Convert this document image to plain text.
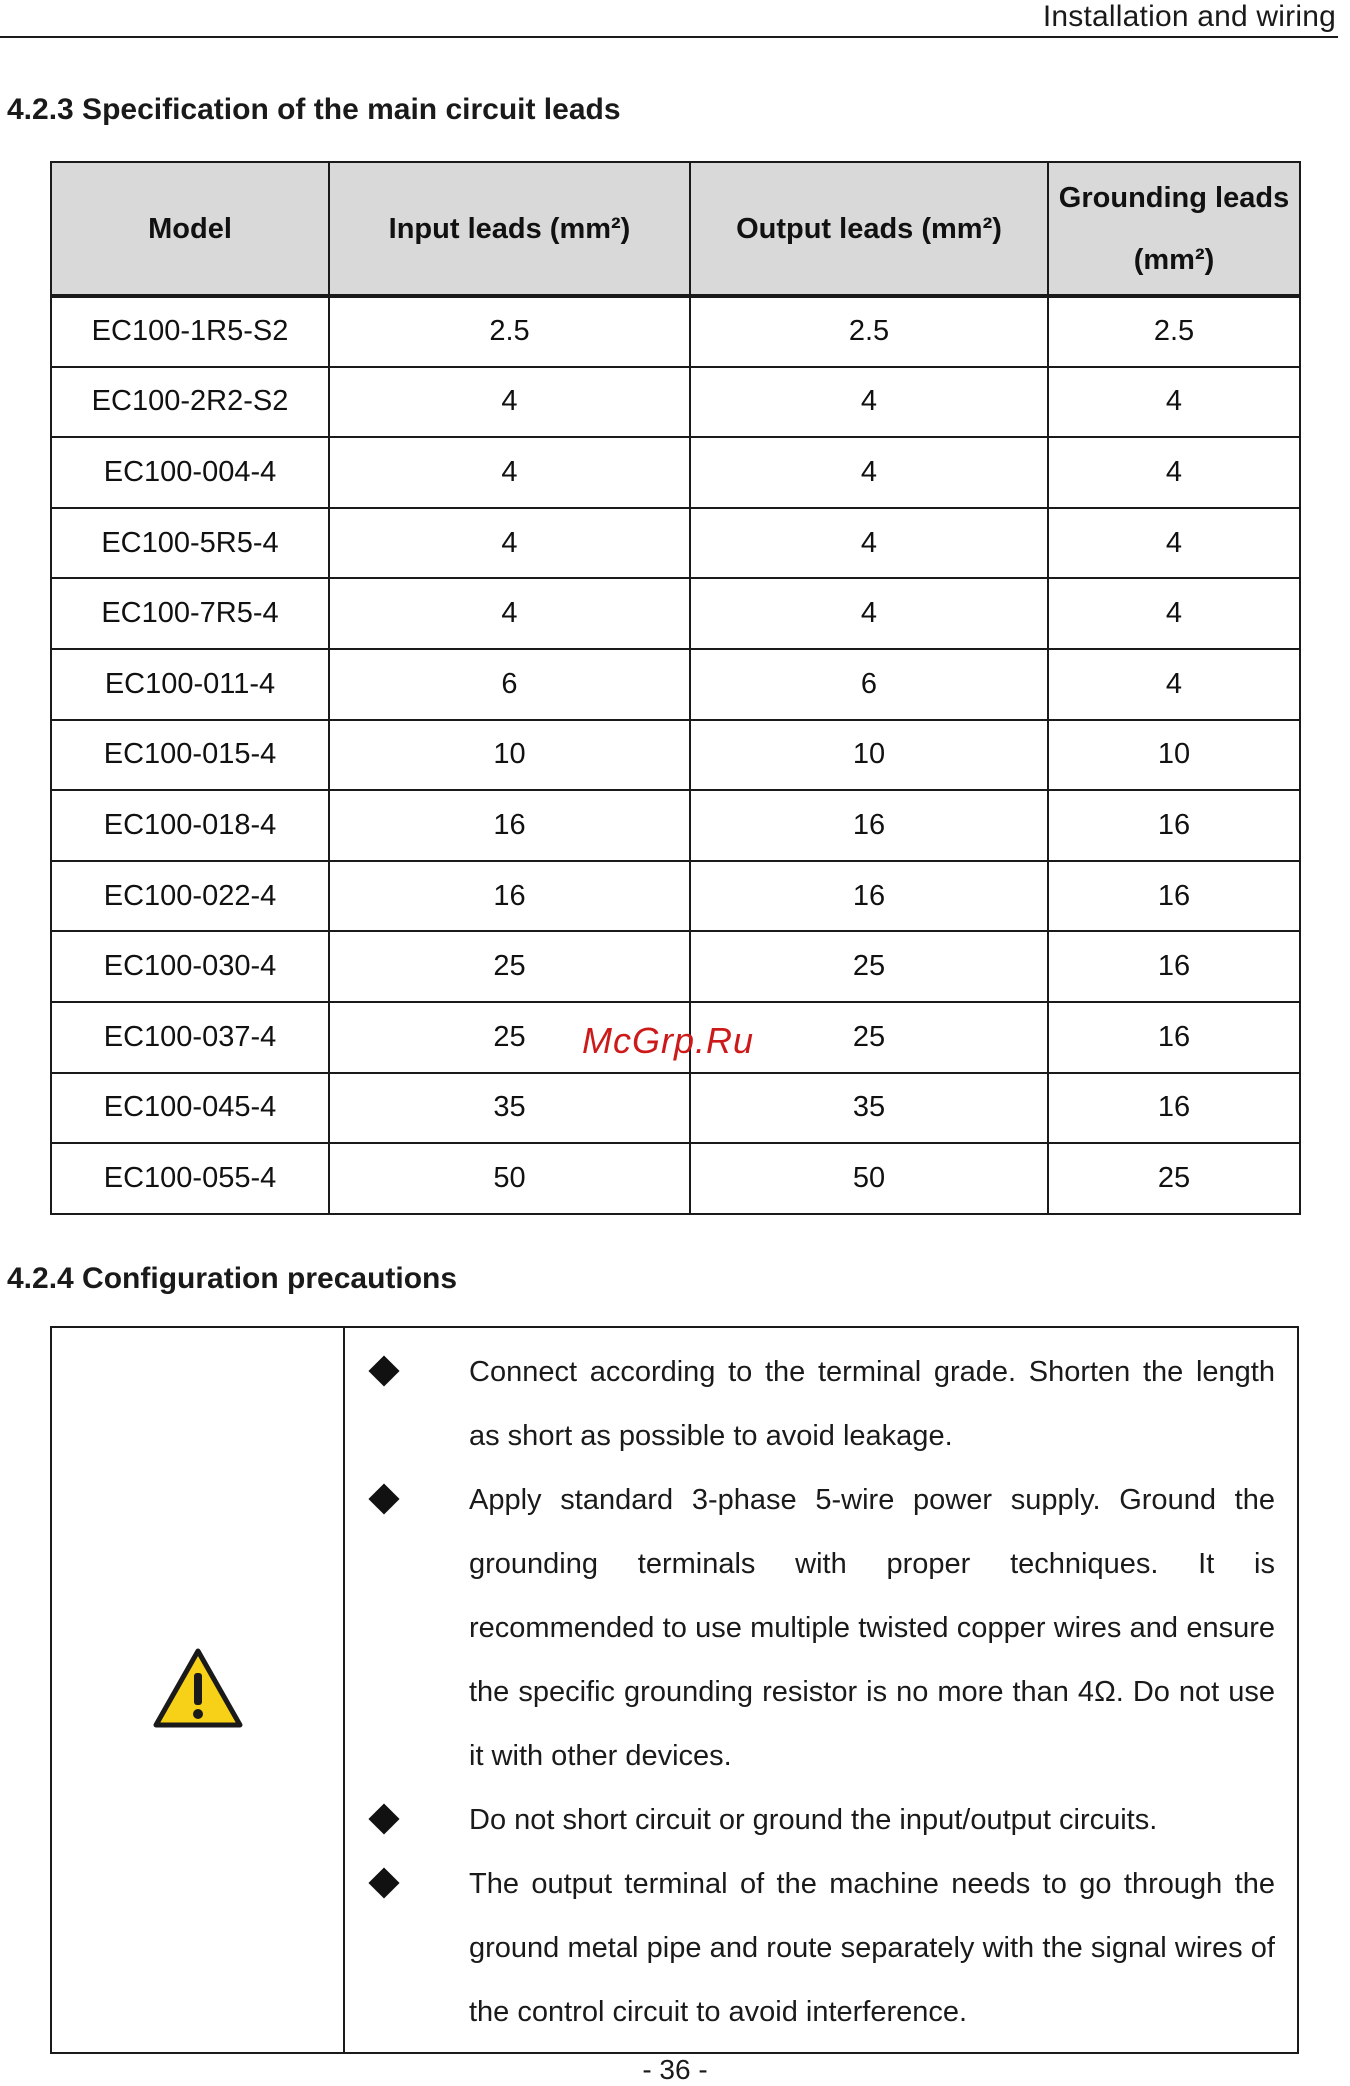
Installation and wiring
4.2.3 Specification of the main circuit leads
Model	Input leads (mm²)	Output leads (mm²)	Grounding leads (mm²)
EC100-1R5-S2	2.5	2.5	2.5
EC100-2R2-S2	4	4	4
EC100-004-4	4	4	4
EC100-5R5-4	4	4	4
EC100-7R5-4	4	4	4
EC100-011-4	6	6	4
EC100-015-4	10	10	10
EC100-018-4	16	16	16
EC100-022-4	16	16	16
EC100-030-4	25	25	16
EC100-037-4	25	25	16
EC100-045-4	35	35	16
EC100-055-4	50	50	25
McGrp.Ru
4.2.4 Configuration precautions

Connect according to the terminal grade. Shorten the length as short as possible to avoid leakage.
Apply standard 3-phase 5-wire power supply. Ground the grounding terminals with proper techniques. It is recommended to use multiple twisted copper wires and ensure the specific grounding resistor is no more than 4Ω. Do not use it with other devices.
Do not short circuit or ground the input/output circuits.
The output terminal of the machine needs to go through the ground metal pipe and route separately with the signal wires of the control circuit to avoid interference.
- 36 -
